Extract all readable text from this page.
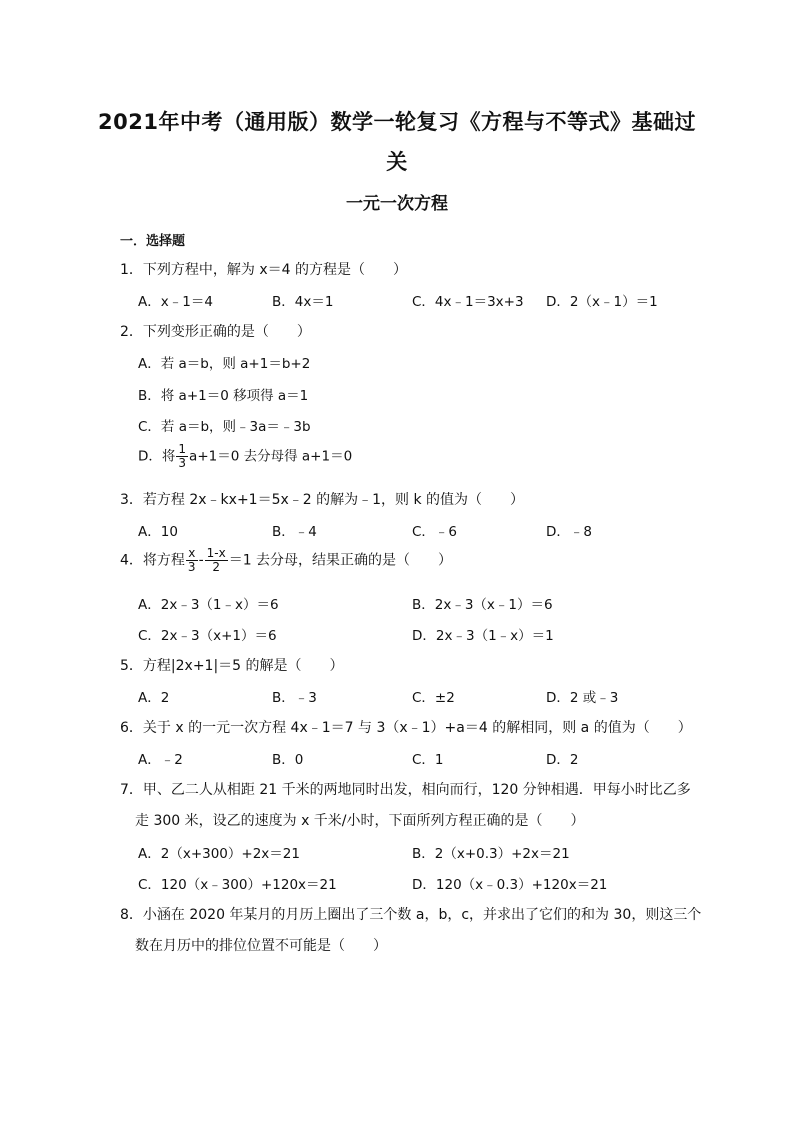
2021年中考（通用版）数学一轮复习《方程与不等式》基础过
关
一元一次方程
一．选择题
1．下列方程中，解为 x＝4 的方程是（　　）
A．x﹣1＝4	B．4x＝1	C．4x﹣1＝3x+3 D．2（x﹣1）＝1
2．下列变形正确的是（　　）
A．若 a＝b，则 a+1＝b+2
B．将 a+1＝0 移项得 a＝1
C．若 a＝b，则﹣3a＝﹣3b
D．将 $\frac{1}{3} a+1=0$ 去分母得 a+1＝0
3．若方程 2x﹣kx+1＝5x﹣2 的解为﹣1，则 k 的值为（　　）
A．10	B．﹣4	C．﹣6	D．﹣8
4．将方程 $\frac{x}{3} - \frac{1-x}{2} =1$ 去分母，结果正确的是（　　）
A．2x﹣3（1﹣x）＝6	B．2x﹣3（x﹣1）＝6
C．2x﹣3（x+1）＝6	D．2x﹣3（1﹣x）＝1
5．方程|2x+1|＝5 的解是（　　）
A．2	B．﹣3	C．±2	D．2 或﹣3
6．关于 x 的一元一次方程 4x﹣1＝7 与 3（x﹣1）+a＝4 的解相同，则 a 的值为（　　）
A．﹣2	B．0	C．1	D．2
7．甲、乙二人从相距 21 千米的两地同时出发，相向而行，120 分钟相遇．甲每小时比乙多
走 300 米，设乙的速度为 x 千米/小时，下面所列方程正确的是（　　）
A．2（x+300）+2x＝21	B．2（x+0.3）+2x＝21
C．120（x﹣300）+120x＝21	D．120（x﹣0.3）+120x＝21
8．小涵在 2020 年某月的月历上圈出了三个数 a，b，c，并求出了它们的和为 30，则这三个
数在月历中的排位位置不可能是（　　）
